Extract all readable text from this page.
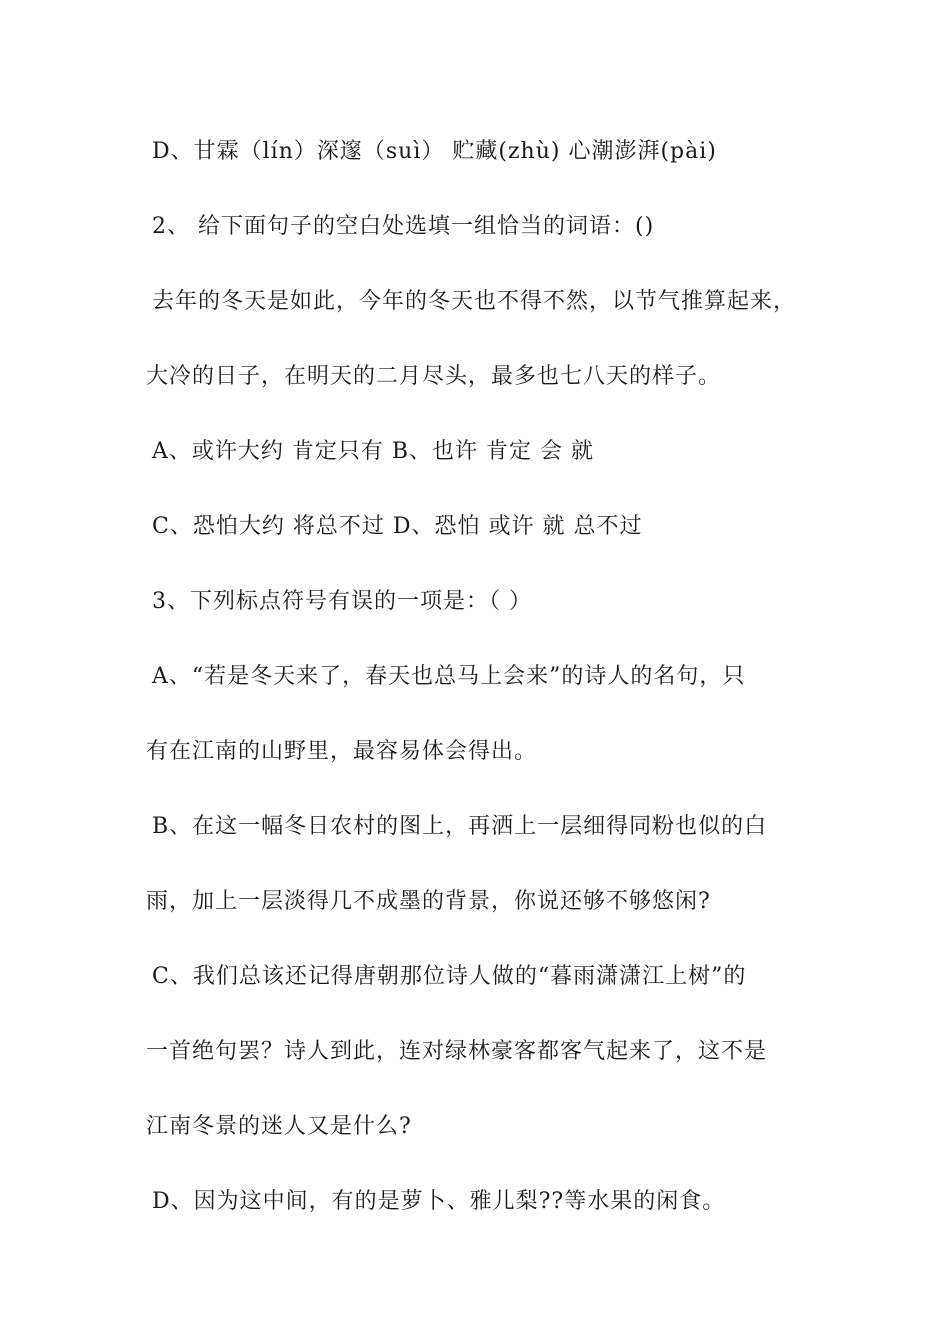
D、甘霖（lín）深邃（suì） 贮藏(zhù) 心潮澎湃(pài)
2、 给下面句子的空白处选填一组恰当的词语：()
去年的冬天是如此，今年的冬天也不得不然，以节气推算起来，
大冷的日子，在明天的二月尽头，最多也七八天的样子。
A、或许大约 肯定只有 B、也许 肯定 会 就
C、恐怕大约 将总不过 D、恐怕 或许 就 总不过
3、下列标点符号有误的一项是：（ ）
A、“若是冬天来了，春天也总马上会来”的诗人的名句，只
有在江南的山野里，最容易体会得出。
B、在这一幅冬日农村的图上，再洒上一层细得同粉也似的白
雨，加上一层淡得几不成墨的背景，你说还够不够悠闲?
C、我们总该还记得唐朝那位诗人做的“暮雨潇潇江上树”的
一首绝句罢？诗人到此，连对绿林豪客都客气起来了，这不是
江南冬景的迷人又是什么?
D、因为这中间，有的是萝卜、雅儿梨??等水果的闲食。
